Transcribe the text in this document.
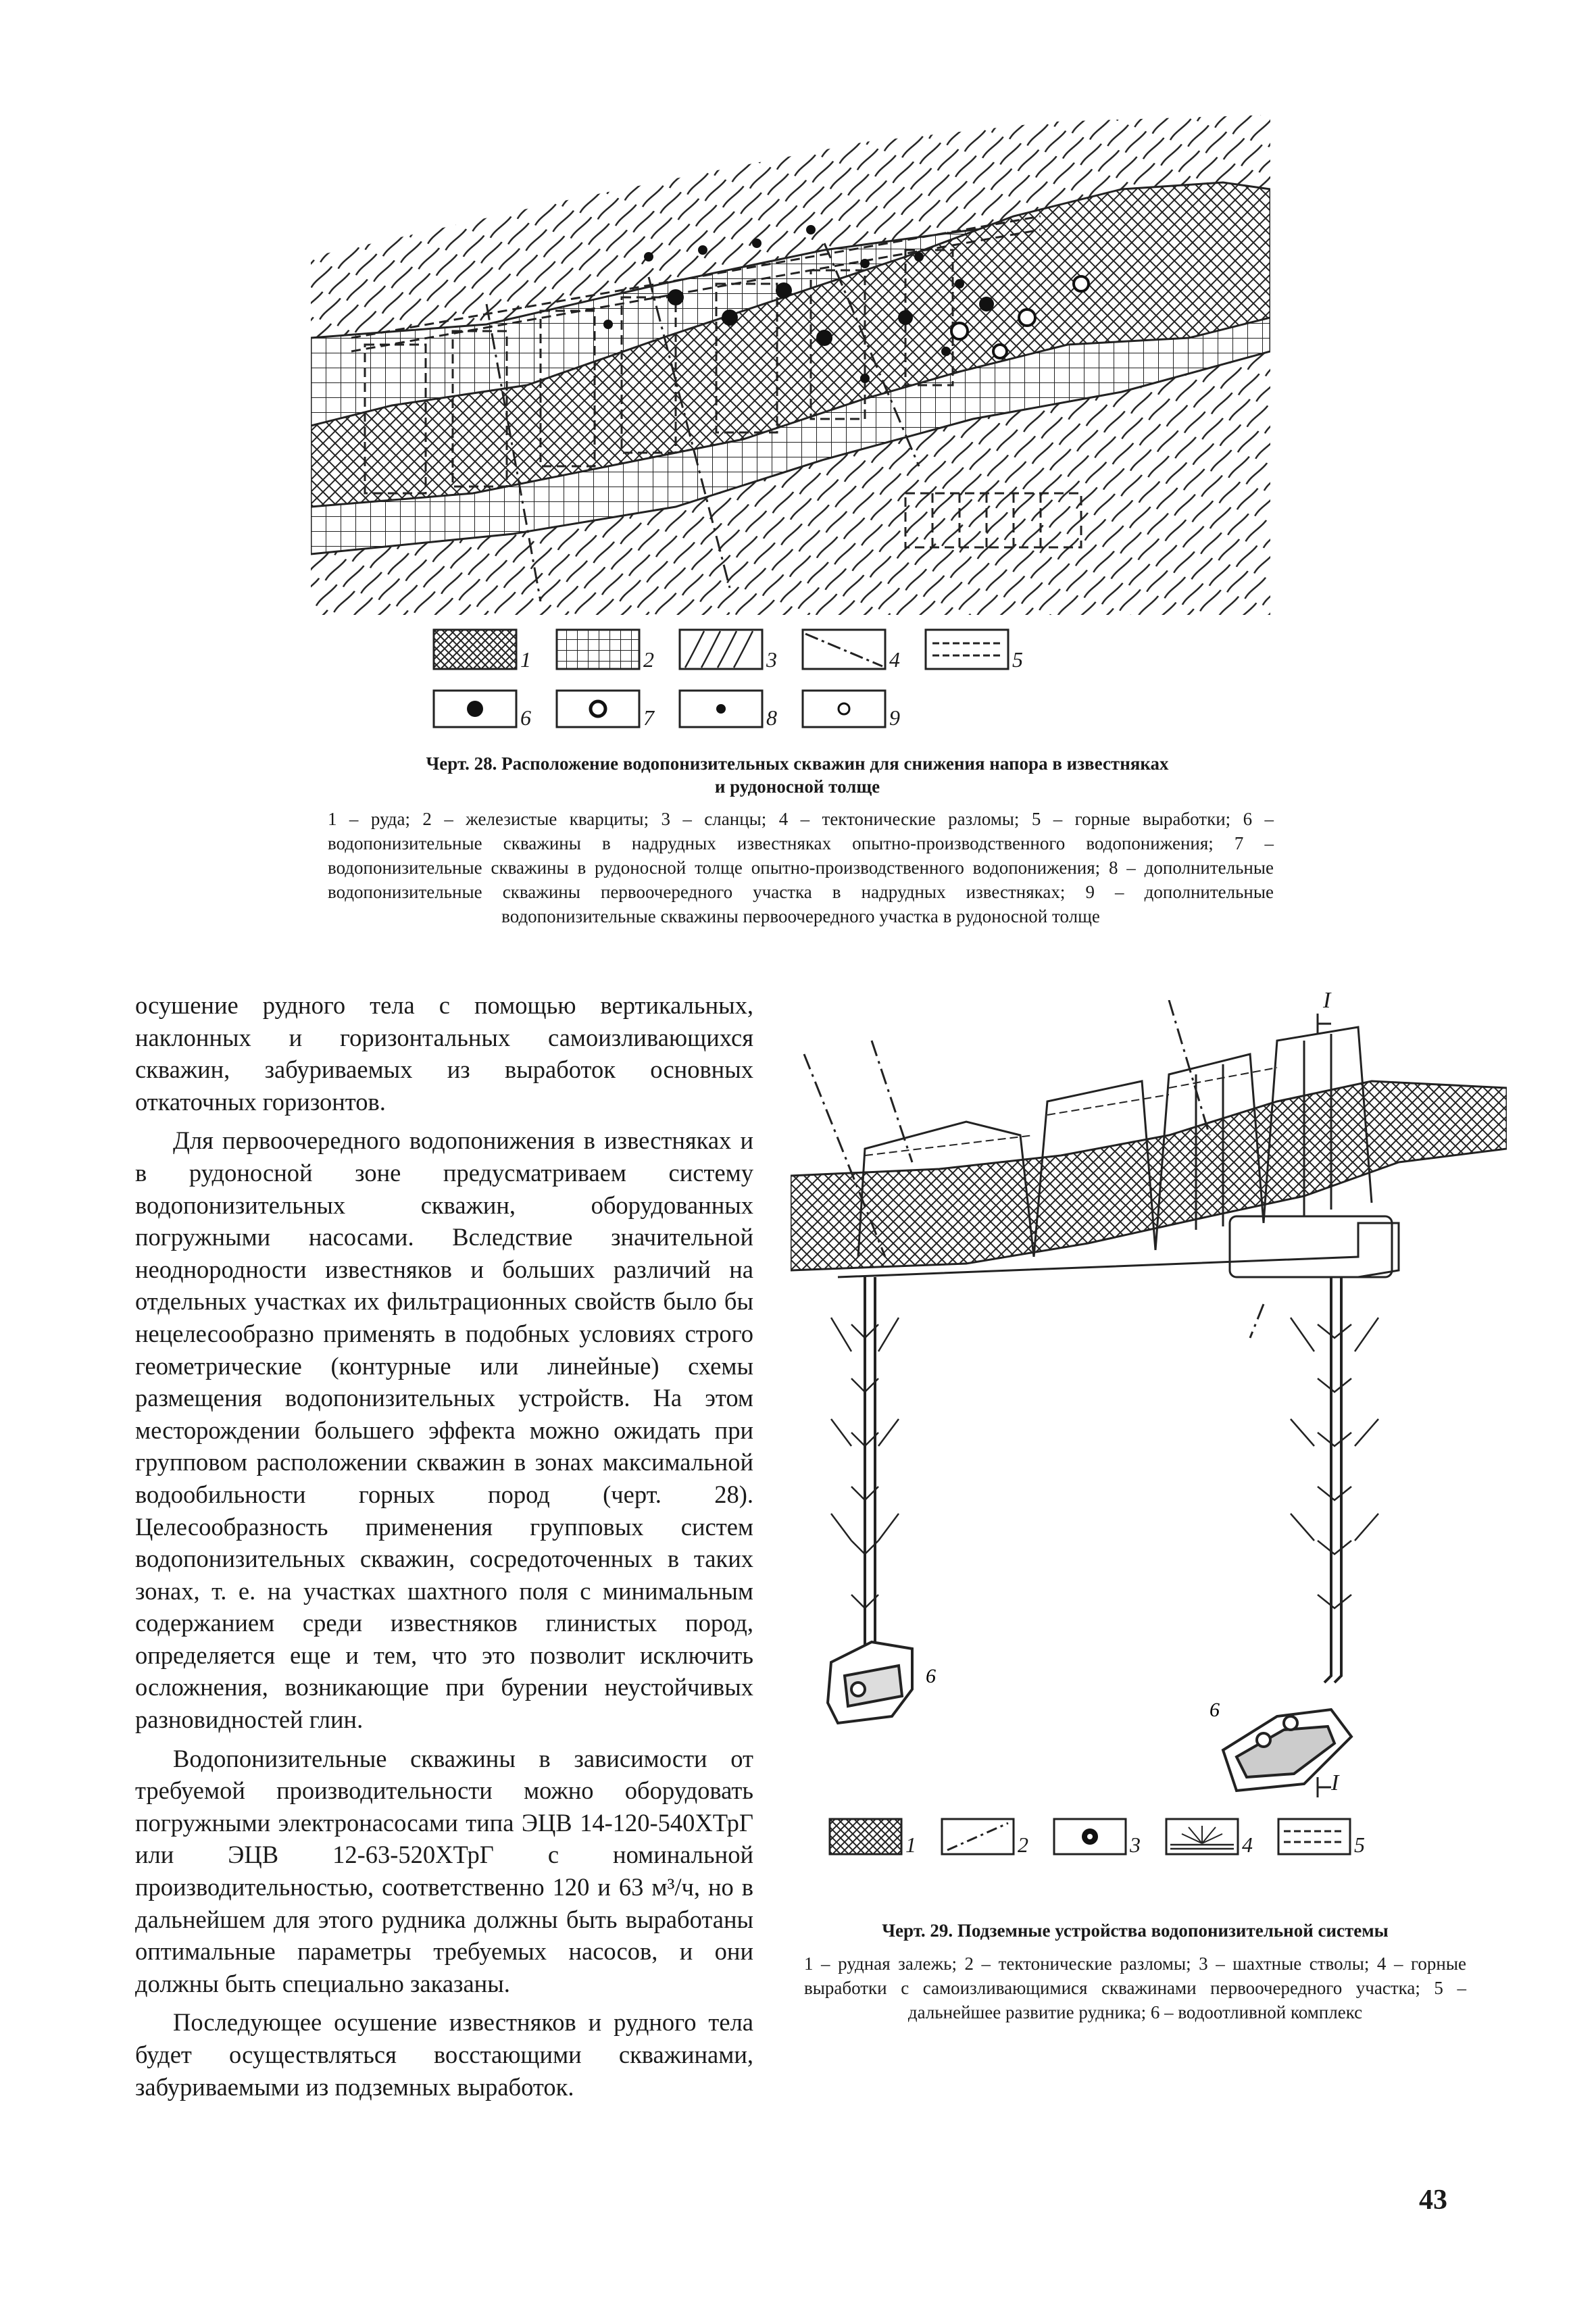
1	2	3	4	5
6	7	8	9
Черт. 28. Расположение водопонизительных скважин для снижения напора в известняках
и рудоносной толще
1 – руда; 2 – железистые кварциты; 3 – сланцы; 4 – тектонические разломы; 5 – горные выработки; 6 – водопонизительные скважины в надрудных известняках опытно-производственного водопонижения; 7 – водопонизительные скважины в рудоносной толще опытно-производственного водопонижения; 8 – дополнительные водопонизительные скважины первоочередного участка в надрудных известняках; 9 – дополнительные водопонизительные скважины первоочередного участка в рудоносной толще

осушение рудного тела с помощью вертикальных, наклонных и горизонтальных самоизливающихся скважин, забуриваемых из выработок основных откаточных горизонтов.

Для первоочередного водопонижения в известняках и в рудоносной зоне предусматриваем систему водопонизительных скважин, оборудованных погружными насосами. Вследствие значительной неоднородности известняков и больших различий на отдельных участках их фильтрационных свойств было бы нецелесообразно применять в подобных условиях строго геометрические (контурные или линейные) схемы размещения водопонизительных устройств. На этом месторождении большего эффекта можно ожидать при групповом расположении скважин в зонах максимальной водообильности горных пород (черт. 28). Целесообразность применения групповых систем водопонизительных скважин, сосредоточенных в таких зонах, т. е. на участках шахтного поля с минимальным содержанием среди известняков глинистых пород, определяется еще и тем, что это позволит исключить осложнения, возникающие при бурении неустойчивых разновидностей глин.

Водопонизительные скважины в зависимости от требуемой производительности можно оборудовать погружными электронасосами типа ЭЦВ 14-120-540ХТрГ или ЭЦВ 12-63-520ХТрГ с номинальной производительностью, соответственно 120 и 63 м³/ч, но в дальнейшем для этого рудника должны быть выработаны оптимальные параметры требуемых насосов, и они должны быть специально заказаны.

Последующее осушение известняков и рудного тела будет осуществляться восстающими скважинами, забуриваемыми из подземных выработок.

I
I
6
6
1	2	3	4	5
Черт. 29. Подземные устройства водопонизительной системы
1 – рудная залежь; 2 – тектонические разломы; 3 – шахтные стволы; 4 – горные выработки с самоизливающимися скважинами первоочередного участка; 5 – дальнейшее развитие рудника; 6 – водоотливной комплекс
43
